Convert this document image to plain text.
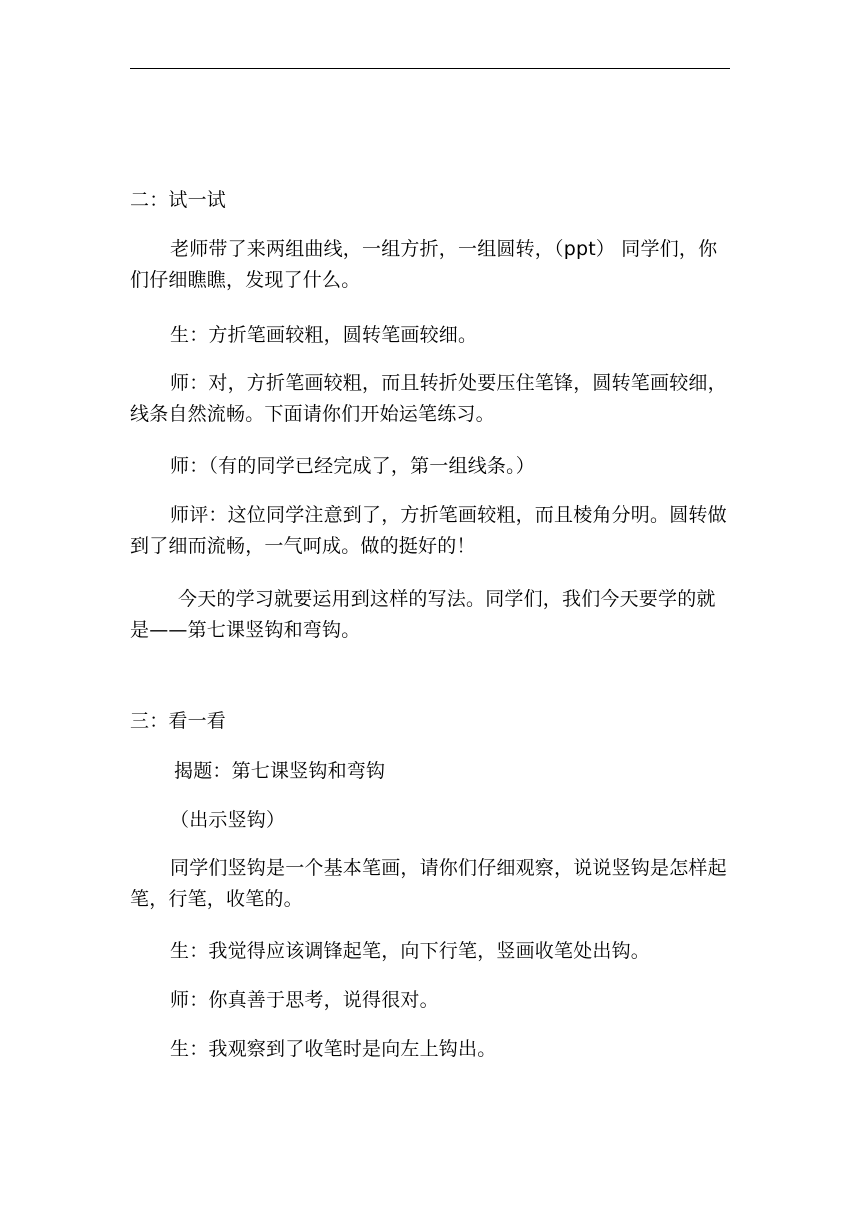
二：试一试
老师带了来两组曲线，一组方折，一组圆转，（ppt） 同学们，你们仔细瞧瞧，发现了什么。
生：方折笔画较粗，圆转笔画较细。
师：对，方折笔画较粗，而且转折处要压住笔锋，圆转笔画较细，线条自然流畅。下面请你们开始运笔练习。
师：（有的同学已经完成了，第一组线条。）
师评：这位同学注意到了，方折笔画较粗，而且棱角分明。圆转做到了细而流畅，一气呵成。做的挺好的！
今天的学习就要运用到这样的写法。同学们，我们今天要学的就是——第七课竖钩和弯钩。
三：看一看
揭题：第七课竖钩和弯钩
（出示竖钩）
同学们竖钩是一个基本笔画，请你们仔细观察，说说竖钩是怎样起笔，行笔，收笔的。
生：我觉得应该调锋起笔，向下行笔，竖画收笔处出钩。
师：你真善于思考，说得很对。
生：我观察到了收笔时是向左上钩出。
